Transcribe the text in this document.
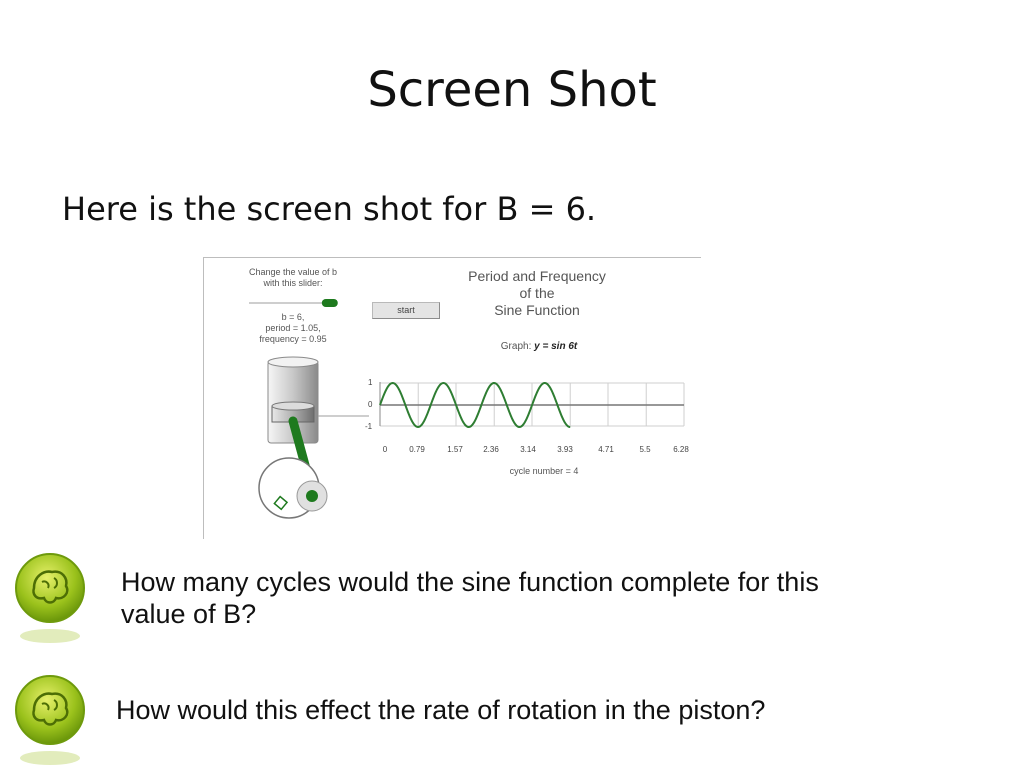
Screen Shot
Here is the screen shot for B = 6.
Change the value of b
with this slider:
b = 6,
period = 1.05,
frequency = 0.95
start
Period and Frequency
of the
Sine Function
Graph: y = sin 6t
1
0
-1
0	0.79	1.57	2.36	3.14	3.93	4.71	5.5	6.28
cycle number = 4
How many cycles would the sine function complete for this
value of B?
How would this effect the rate of rotation in the piston?
